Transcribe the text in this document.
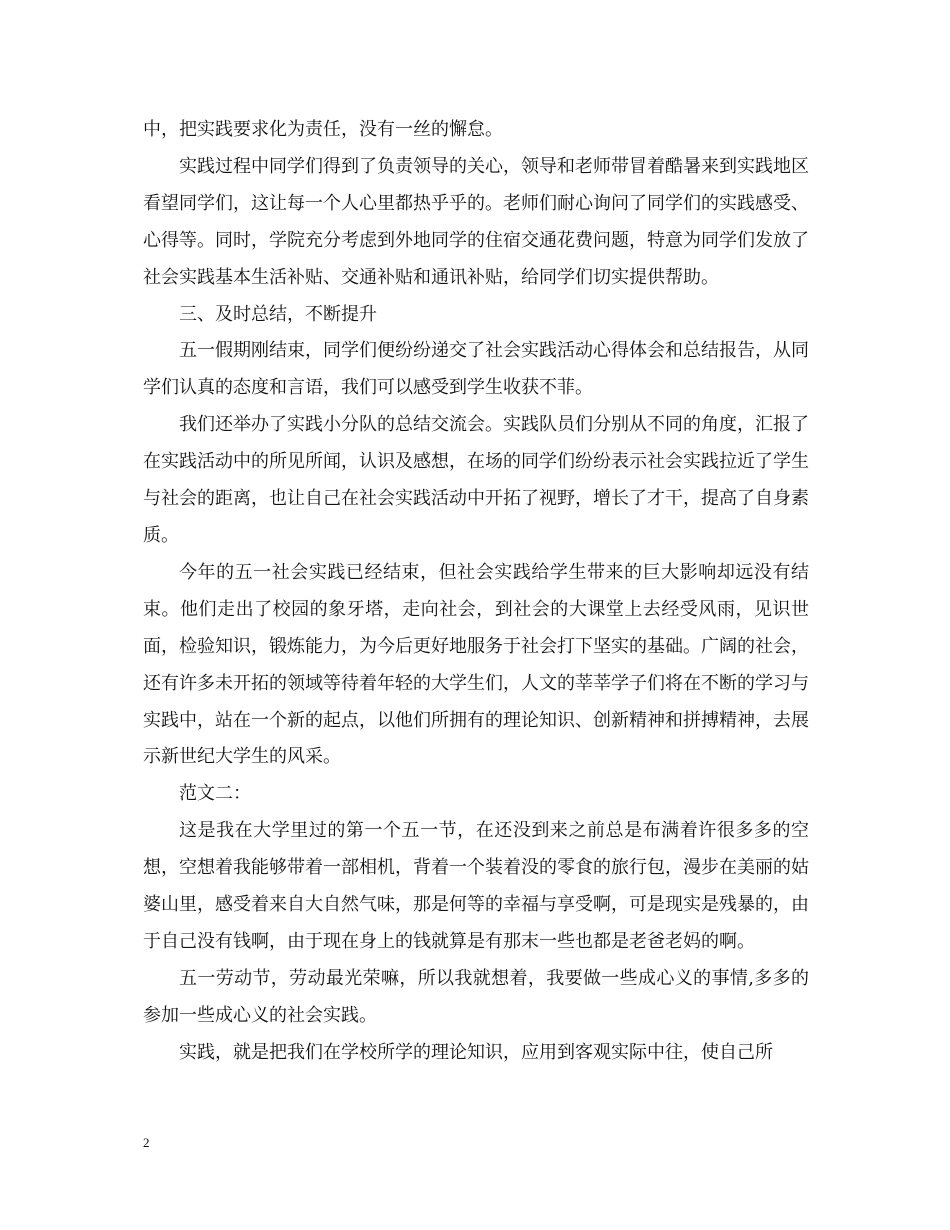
中，把实践要求化为责任，没有一丝的懈怠。

实践过程中同学们得到了负责领导的关心，领导和老师带冒着酷暑来到实践地区看望同学们，这让每一个人心里都热乎乎的。老师们耐心询问了同学们的实践感受、心得等。同时，学院充分考虑到外地同学的住宿交通花费问题，特意为同学们发放了社会实践基本生活补贴、交通补贴和通讯补贴，给同学们切实提供帮助。

三、及时总结，不断提升

五一假期刚结束，同学们便纷纷递交了社会实践活动心得体会和总结报告，从同学们认真的态度和言语，我们可以感受到学生收获不菲。

我们还举办了实践小分队的总结交流会。实践队员们分别从不同的角度，汇报了在实践活动中的所见所闻，认识及感想，在场的同学们纷纷表示社会实践拉近了学生与社会的距离，也让自己在社会实践活动中开拓了视野，增长了才干，提高了自身素质。

今年的五一社会实践已经结束，但社会实践给学生带来的巨大影响却远没有结束。他们走出了校园的象牙塔，走向社会，到社会的大课堂上去经受风雨，见识世面，检验知识，锻炼能力，为今后更好地服务于社会打下坚实的基础。广阔的社会，还有许多未开拓的领域等待着年轻的大学生们，人文的莘莘学子们将在不断的学习与实践中，站在一个新的起点，以他们所拥有的理论知识、创新精神和拼搏精神，去展示新世纪大学生的风采。

范文二：

这是我在大学里过的第一个五一节，在还没到来之前总是布满着许很多多的空想，空想着我能够带着一部相机，背着一个装着没的零食的旅行包，漫步在美丽的姑婆山里，感受着来自大自然气味，那是何等的幸福与享受啊，可是现实是残暴的，由于自己没有钱啊，由于现在身上的钱就算是有那末一些也都是老爸老妈的啊。

五一劳动节，劳动最光荣嘛，所以我就想着，我要做一些成心义的事情,多多的参加一些成心义的社会实践。

实践，就是把我们在学校所学的理论知识，应用到客观实际中往，使自己所

2
